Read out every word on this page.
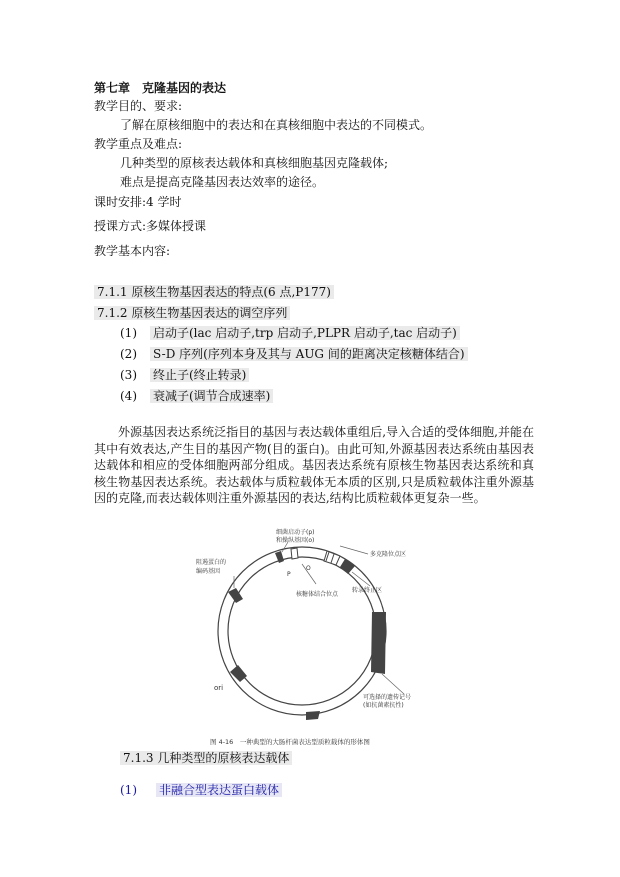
第七章　克隆基因的表达
教学目的、要求:
了解在原核细胞中的表达和在真核细胞中表达的不同模式。
教学重点及难点:
几种类型的原核表达载体和真核细胞基因克隆载体;
难点是提高克隆基因表达效率的途径。
课时安排:4 学时
授课方式:多媒体授课
教学基本内容:
7.1.1 原核生物基因表达的特点(6 点,P177)
7.1.2 原核生物基因表达的调空序列
(1) 启动子(lac 启动子,trp 启动子,PLPR 启动子,tac 启动子)
(2) S-D 序列(序列本身及其与 AUG 间的距离决定核糖体结合)
(3) 终止子(终止转录)
(4) 衰减子(调节合成速率)

外源基因表达系统泛指目的基因与表达载体重组后,导入合适的受体细胞,并能在其中有效表达,产生目的基因产物(目的蛋白)。由此可知,外源基因表达系统由基因表达载体和相应的受体细胞两部分组成。基因表达系统有原核生物基因表达系统和真核生物基因表达系统。表达载体与质粒载体无本质的区别,只是质粒载体注重外源基因的克隆,而表达载体则注重外源基因的表达,结构比质粒载体更复杂一些。

细菌启动子(p)
和操纵基因(o)
多克隆位点区
阻遏蛋白的
编码基因
核糖体结合位点
转录终止区
可选择的遗传记号
(如抗菌素抗性)
ori
P
O
图 4-16　一种典型的大肠杆菌表达型质粒载体的形体图
7.1.3 几种类型的原核表达载体
(1) 非融合型表达蛋白载体
